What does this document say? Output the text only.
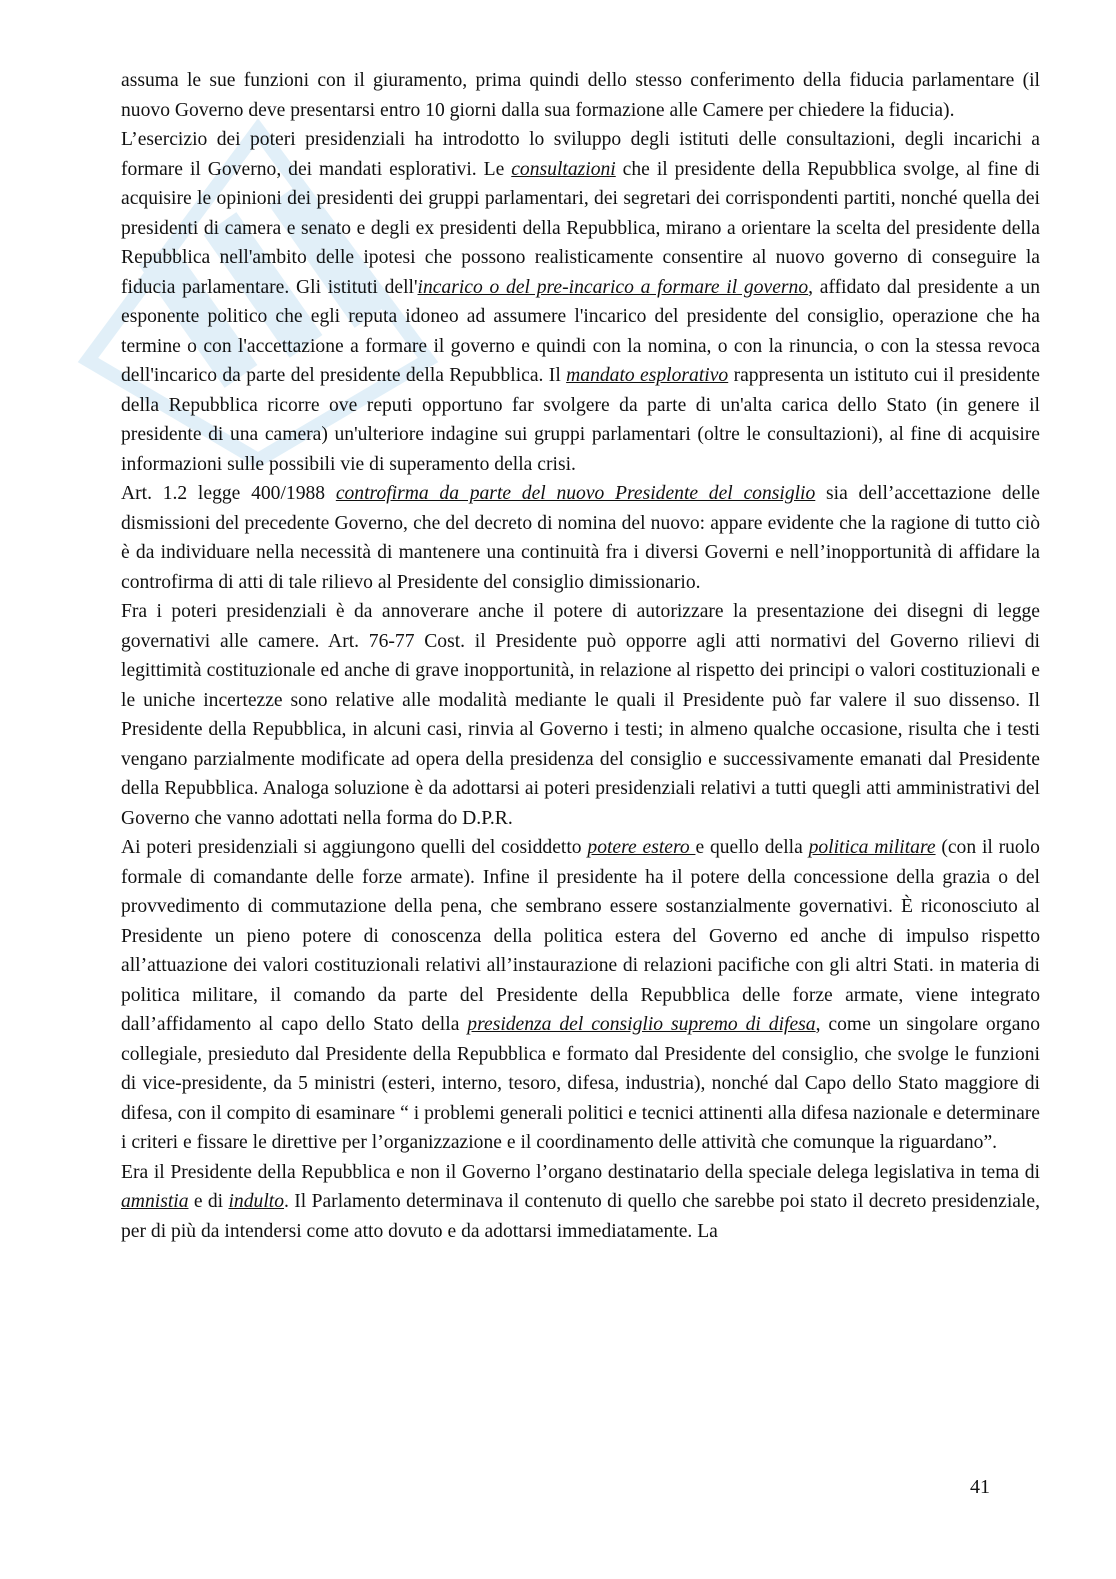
assuma le sue funzioni con il giuramento, prima quindi dello stesso conferimento della fiducia parlamentare (il nuovo Governo deve presentarsi entro 10 giorni dalla sua formazione alle Camere per chiedere la fiducia).

L’esercizio dei poteri presidenziali ha introdotto lo sviluppo degli istituti delle consultazioni, degli incarichi a formare il Governo, dei mandati esplorativi. Le consultazioni che il presidente della Repubblica svolge, al fine di acquisire le opinioni dei presidenti dei gruppi parlamentari, dei segretari dei corrispondenti partiti, nonché quella dei presidenti di camera e senato e degli ex presidenti della Repubblica, mirano a orientare la scelta del presidente della Repubblica nell'ambito delle ipotesi che possono realisticamente consentire al nuovo governo di conseguire la fiducia parlamentare. Gli istituti dell'incarico o del pre-incarico a formare il governo, affidato dal presidente a un esponente politico che egli reputa idoneo ad assumere l'incarico del presidente del consiglio, operazione che ha termine o con l'accettazione a formare il governo e quindi con la nomina, o con la rinuncia, o con la stessa revoca dell'incarico da parte del presidente della Repubblica. Il mandato esplorativo rappresenta un istituto cui il presidente della Repubblica ricorre ove reputi opportuno far svolgere da parte di un'alta carica dello Stato (in genere il presidente di una camera) un'ulteriore indagine sui gruppi parlamentari (oltre le consultazioni), al fine di acquisire informazioni sulle possibili vie di superamento della crisi.

Art. 1.2 legge 400/1988 controfirma da parte del nuovo Presidente del consiglio sia dell’accettazione delle dismissioni del precedente Governo, che del decreto di nomina del nuovo: appare evidente che la ragione di tutto ciò è da individuare nella necessità di mantenere una continuità fra i diversi Governi e nell’inopportunità di affidare la controfirma di atti di tale rilievo al Presidente del consiglio dimissionario.

Fra i poteri presidenziali è da annoverare anche il potere di autorizzare la presentazione dei disegni di legge governativi alle camere. Art. 76-77 Cost. il Presidente può opporre agli atti normativi del Governo rilievi di legittimità costituzionale ed anche di grave inopportunità, in relazione al rispetto dei principi o valori costituzionali e le uniche incertezze sono relative alle modalità mediante le quali il Presidente può far valere il suo dissenso. Il Presidente della Repubblica, in alcuni casi, rinvia al Governo i testi; in almeno qualche occasione, risulta che i testi vengano parzialmente modificate ad opera della presidenza del consiglio e successivamente emanati dal Presidente della Repubblica. Analoga soluzione è da adottarsi ai poteri presidenziali relativi a tutti quegli atti amministrativi del Governo che vanno adottati nella forma do D.P.R.

Ai poteri presidenziali si aggiungono quelli del cosiddetto potere estero e quello della politica militare (con il ruolo formale di comandante delle forze armate). Infine il presidente ha il potere della concessione della grazia o del provvedimento di commutazione della pena, che sembrano essere sostanzialmente governativi. È riconosciuto al Presidente un pieno potere di conoscenza della politica estera del Governo ed anche di impulso rispetto all’attuazione dei valori costituzionali relativi all’instaurazione di relazioni pacifiche con gli altri Stati. in materia di politica militare, il comando da parte del Presidente della Repubblica delle forze armate, viene integrato dall’affidamento al capo dello Stato della presidenza del consiglio supremo di difesa, come un singolare organo collegiale, presieduto dal Presidente della Repubblica e formato dal Presidente del consiglio, che svolge le funzioni di vice-presidente, da 5 ministri (esteri, interno, tesoro, difesa, industria), nonché dal Capo dello Stato maggiore di difesa, con il compito di esaminare “ i problemi generali politici e tecnici attinenti alla difesa nazionale e determinare i criteri e fissare le direttive per l’organizzazione e il coordinamento delle attività che comunque la riguardano”.

Era il Presidente della Repubblica e non il Governo l’organo destinatario della speciale delega legislativa in tema di amnistia e di indulto. Il Parlamento determinava il contenuto di quello che sarebbe poi stato il decreto presidenziale, per di più da intendersi come atto dovuto e da adottarsi immediatamente. La

41
